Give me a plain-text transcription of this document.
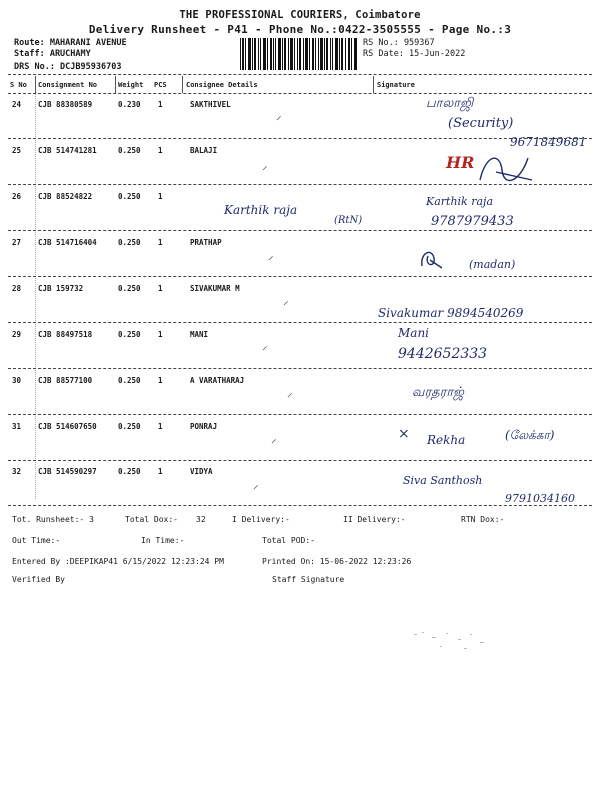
THE PROFESSIONAL COURIERS, Coimbatore
Delivery Runsheet - P41 - Phone No.:0422-3505555 - Page No.:3
Route: MAHARANI AVENUE
Staff: ARUCHAMY
DRS No.: DCJB95936703
RS No.: 959367
RS Date: 15-Jun-2022
S No Consignment No	Weight PCS	Consignee Details	Signature
24 CJB 88380589	0.230 1	SAKTHIVEL
25 CJB 514741281	0.250 1	BALAJI
26 CJB 88524822	0.250 1
27 CJB 514716404	0.250 1	PRATHAP
28 CJB 159732	0.250 1	SIVAKUMAR M
29 CJB 88497518	0.250 1	MANI
30 CJB 88577100	0.250 1	A VARATHARAJ
31 CJB 514607650	0.250 1	PONRAJ
32 CJB 514590297	0.250 1	VIDYA
⸍
⸍
⸍
⸍
⸍
⸍
⸍
⸍
பாலாஜி
(Security)
HR
9671849681
Karthik raja
(RtN)
Karthik raja
9787979433
(madan)
Sivakumar 9894540269
Mani
9442652333
வரதராஜ்
Rekha	(லேக்கா)
⨯
Siva Santhosh
9791034160
Tot. Runsheet:- 3	Total Dox:- 32	I Delivery:-	II Delivery:-	RTN Dox:-
Out Time:-	In Time:-	Total POD:-
Entered By :DEEPIKAP41 6/15/2022 12:23:24 PM	Printed On: 15-06-2022 12:23:26
Verified By	Staff Signature
